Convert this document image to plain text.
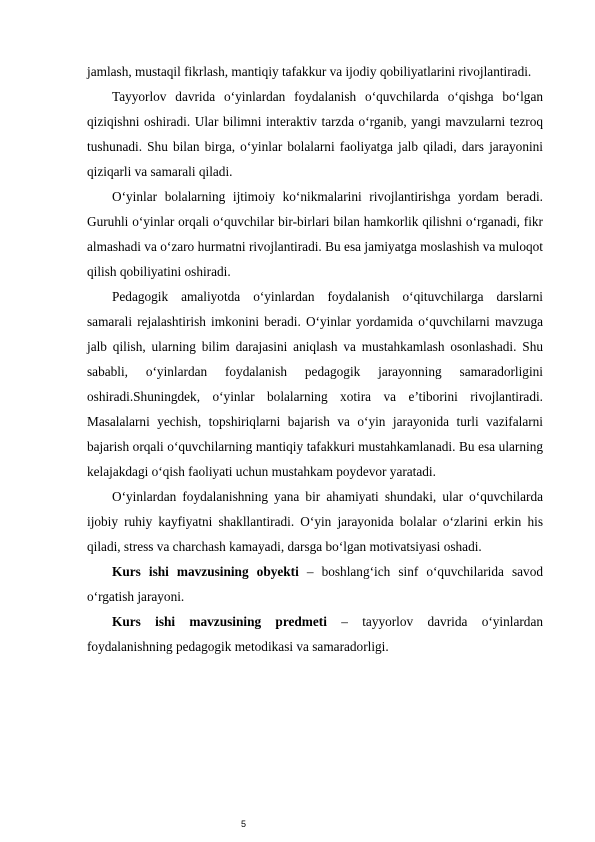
jamlash, mustaqil fikrlash, mantiqiy tafakkur va ijodiy qobiliyatlarini rivojlantiradi.

Tayyorlov davrida o‘yinlardan foydalanish o‘quvchilarda o‘qishga bo‘lgan qiziqishni oshiradi. Ular bilimni interaktiv tarzda o‘rganib, yangi mavzularni tezroq tushunadi. Shu bilan birga, o‘yinlar bolalarni faoliyatga jalb qiladi, dars jarayonini qiziqarli va samarali qiladi.

O‘yinlar bolalarning ijtimoiy ko‘nikmalarini rivojlantirishga yordam beradi. Guruhli o‘yinlar orqali o‘quvchilar bir-birlari bilan hamkorlik qilishni o‘rganadi, fikr almashadi va o‘zaro hurmatni rivojlantiradi. Bu esa jamiyatga moslashish va muloqot qilish qobiliyatini oshiradi.

Pedagogik amaliyotda o‘yinlardan foydalanish o‘qituvchilarga darslarni samarali rejalashtirish imkonini beradi. O‘yinlar yordamida o‘quvchilarni mavzuga jalb qilish, ularning bilim darajasini aniqlash va mustahkamlash osonlashadi. Shu sababli, o‘yinlardan foydalanish pedagogik jarayonning samaradorligini oshiradi.Shuningdek, o‘yinlar bolalarning xotira va e’tiborini rivojlantiradi. Masalalarni yechish, topshiriqlarni bajarish va o‘yin jarayonida turli vazifalarni bajarish orqali o‘quvchilarning mantiqiy tafakkuri mustahkamlanadi. Bu esa ularning kelajakdagi o‘qish faoliyati uchun mustahkam poydevor yaratadi.

O‘yinlardan foydalanishning yana bir ahamiyati shundaki, ular o‘quvchilarda ijobiy ruhiy kayfiyatni shakllantiradi. O‘yin jarayonida bolalar o‘zlarini erkin his qiladi, stress va charchash kamayadi, darsga bo‘lgan motivatsiyasi oshadi.

Kurs ishi mavzusining obyekti – boshlang‘ich sinf o‘quvchilarida savod o‘rgatish jarayoni.

Kurs ishi mavzusining predmeti – tayyorlov davrida o‘yinlardan foydalanishning pedagogik metodikasi va samaradorligi.

5
